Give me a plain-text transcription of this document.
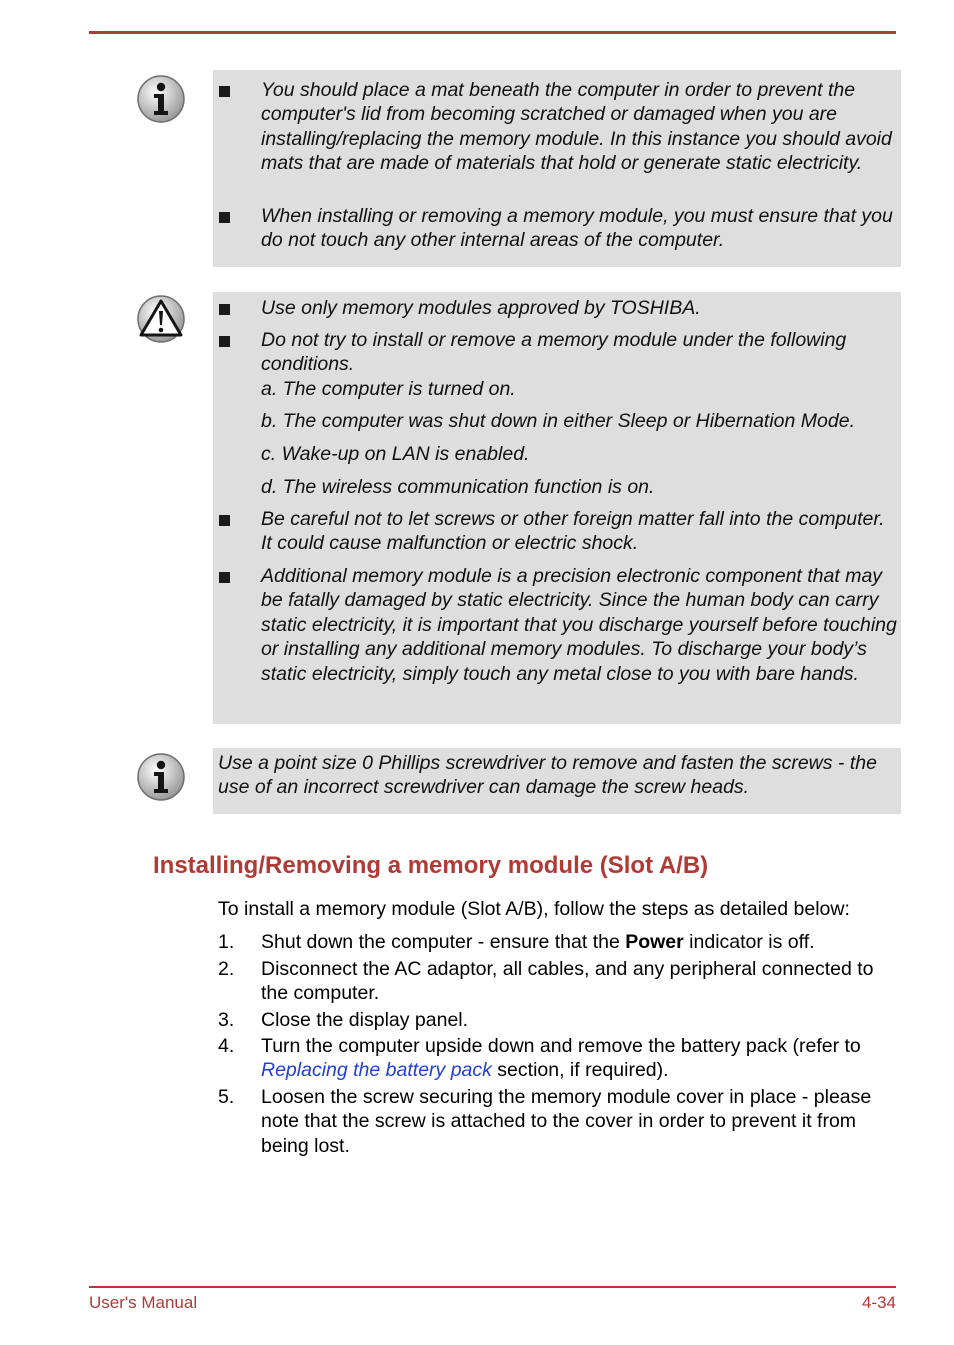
You should place a mat beneath the computer in order to prevent the computer's lid from becoming scratched or damaged when you are installing/replacing the memory module. In this instance you should avoid mats that are made of materials that hold or generate static electricity.
When installing or removing a memory module, you must ensure that you do not touch any other internal areas of the computer.
Use only memory modules approved by TOSHIBA.
Do not try to install or remove a memory module under the following conditions.
a. The computer is turned on.
b. The computer was shut down in either Sleep or Hibernation Mode.
c. Wake-up on LAN is enabled.
d. The wireless communication function is on.
Be careful not to let screws or other foreign matter fall into the computer. It could cause malfunction or electric shock.
Additional memory module is a precision electronic component that may be fatally damaged by static electricity. Since the human body can carry static electricity, it is important that you discharge yourself before touching or installing any additional memory modules. To discharge your body’s static electricity, simply touch any metal close to you with bare hands.
Use a point size 0 Phillips screwdriver to remove and fasten the screws - the use of an incorrect screwdriver can damage the screw heads.
Installing/Removing a memory module (Slot A/B)
To install a memory module (Slot A/B), follow the steps as detailed below:
1. Shut down the computer - ensure that the Power indicator is off.
2. Disconnect the AC adaptor, all cables, and any peripheral connected to the computer.
3. Close the display panel.
4. Turn the computer upside down and remove the battery pack (refer to Replacing the battery pack section, if required).
5. Loosen the screw securing the memory module cover in place - please note that the screw is attached to the cover in order to prevent it from being lost.
User's Manual	4-34
